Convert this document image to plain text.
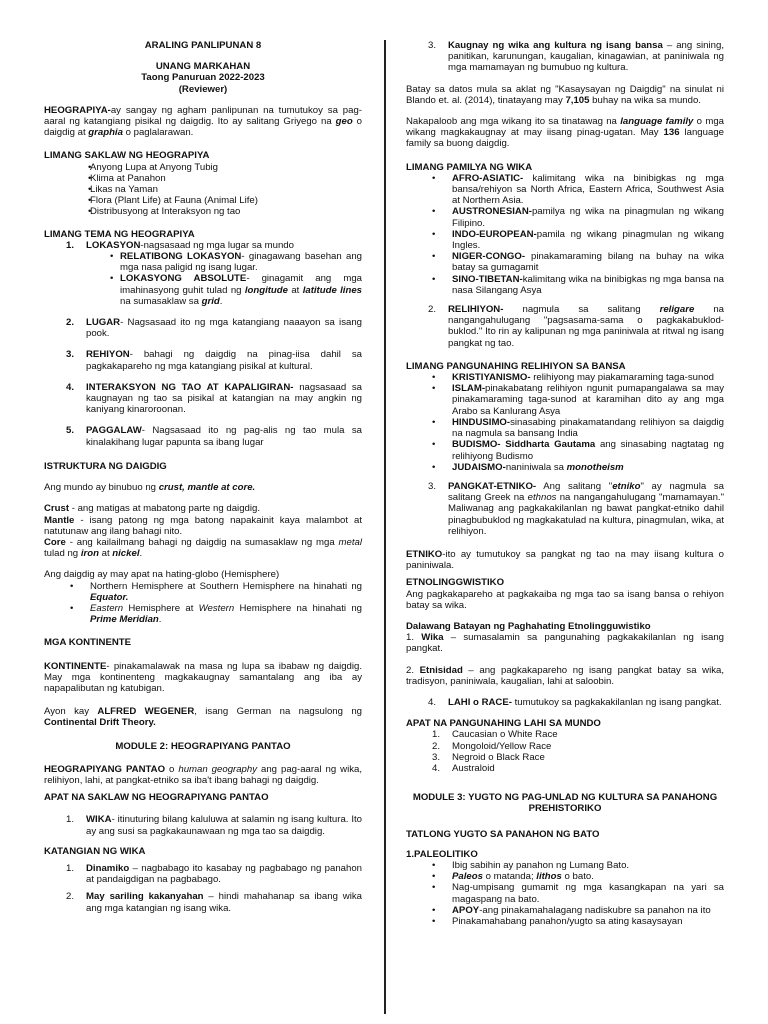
ARALING PANLIPUNAN 8

UNANG MARKAHAN

Taong Panuruan 2022-2023

(Reviewer)

HEOGRAPIYA-ay sangay ng agham panlipunan na tumutukoy sa pag-aaral ng katangiang pisikal ng daigdig. Ito ay salitang Griyego na geo o daigdig at graphia o paglalarawan.

LIMANG SAKLAW NG HEOGRAPIYA

• Anyong Lupa at Anyong Tubig
• Klima at Panahon
• Likas na Yaman
• Flora (Plant Life) at Fauna (Animal Life)
• Distribusyong at Interaksyon ng tao

LIMANG TEMA NG HEOGRAPIYA

1. LOKASYON-nagsasaad ng mga lugar sa mundo
• RELATIBONG LOKASYON- ginagawang basehan ang mga nasa paligid ng isang lugar.
• LOKASYONG ABSOLUTE- ginagamit ang mga imahinasyong guhit tulad ng longitude at latitude lines na sumasaklaw sa grid.
2. LUGAR- Nagsasaad ito ng mga katangiang naaayon sa isang pook.
3. REHIYON- bahagi ng daigdig na pinag-iisa dahil sa pagkakapareho ng mga katangiang pisikal at kultural.
4. INTERAKSYON NG TAO AT KAPALIGIRAN- nagsasaad sa kaugnayan ng tao sa pisikal at katangian na may angkin ng kaniyang kinaroroonan.
5. PAGGALAW- Nagsasaad ito ng pag-alis ng tao mula sa kinalakihang lugar papunta sa ibang lugar

ISTRUKTURA NG DAIGDIG

Ang mundo ay binubuo ng crust, mantle at core.

Crust - ang matigas at mabatong parte ng daigdig.

Mantle - isang patong ng mga batong napakainit kaya malambot at natutunaw ang ilang bahagi nito.

Core - ang kailailmang bahagi ng daigdig na sumasaklaw ng mga metal tulad ng iron at nickel.

Ang daigdig ay may apat na hating-globo (Hemisphere)

• Northern Hemisphere at Southern Hemisphere na hinahati ng Equator.
• Eastern Hemisphere at Western Hemisphere na hinahati ng Prime Meridian.

MGA KONTINENTE

KONTINENTE- pinakamalawak na masa ng lupa sa ibabaw ng daigdig. May mga kontinenteng magkakaugnay samantalang ang iba ay napapalibutan ng katubigan.

Ayon kay ALFRED WEGENER, isang German na nagsulong ng Continental Drift Theory.

MODULE 2: HEOGRAPIYANG PANTAO

HEOGRAPIYANG PANTAO o human geography ang pag-aaral ng wika, relihiyon, lahi, at pangkat-etniko sa iba't ibang bahagi ng daigdig.

APAT NA SAKLAW NG HEOGRAPIYANG PANTAO

1. WIKA- itinuturing bilang kaluluwa at salamin ng isang kultura. Ito ay ang susi sa pagkakaunawaan ng mga tao sa daigdig.

KATANGIAN NG WIKA

1. Dinamiko – nagbabago ito kasabay ng pagbabago ng panahon at pandaigdigan na pagbabago.
2. May sariling kakanyahan – hindi mahahanap sa ibang wika ang mga katangian ng isang wika.
3. Kaugnay ng wika ang kultura ng isang bansa – ang sining, panitikan, karunungan, kaugalian, kinagawian, at paniniwala ng mga mamamayan ng bumubuo ng kultura.

Batay sa datos mula sa aklat ng "Kasaysayan ng Daigdig" na sinulat ni Blando et. al. (2014), tinatayang may 7,105 buhay na wika sa mundo.

Nakapaloob ang mga wikang ito sa tinatawag na language family o mga wikang magkakaugnay at may iisang pinag-ugatan. May 136 language family sa buong daigdig.

LIMANG PAMILYA NG WIKA

• AFRO-ASIATIC- kalimitang wika na binibigkas ng mga bansa/rehiyon sa North Africa, Eastern Africa, Southwest Asia at Northern Asia.
• AUSTRONESIAN-pamilya ng wika na pinagmulan ng wikang Filipino.
• INDO-EUROPEAN-pamila ng wikang pinagmulan ng wikang Ingles.
• NIGER-CONGO- pinakamaraming bilang na buhay na wika batay sa gumagamit
• SINO-TIBETAN-kalimitang wika na binibigkas ng mga bansa na nasa Silangang Asya
2. RELIHIYON- nagmula sa salitang religare na nangangahulugang "pagsasama-sama o pagkakabuklod-buklod." Ito rin ay kalipunan ng mga paniniwala at ritwal ng isang pangkat ng tao.

LIMANG PANGUNAHING RELIHIYON SA BANSA

• KRISTIYANISMO- relihiyong may piakamaraming taga-sunod
• ISLAM-pinakabatang relihiyon ngunit pumapangalawa sa may pinakamaraming taga-sunod at karamihan dito ay ang mga Arabo sa Kanlurang Asya
• HINDUSIMO-sinasabing pinakamatandang relihiyon sa daigdig na nagmula sa bansang India
• BUDISMO- Siddharta Gautama ang sinasabing nagtatag ng relihiyong Budismo
• JUDAISMO-naniniwala sa monotheism
3. PANGKAT-ETNIKO- Ang salitang "etniko" ay nagmula sa salitang Greek na ethnos na nangangahulugang "mamamayan." Maliwanag ang pagkakakilanlan ng bawat pangkat-etniko dahil pinagbubuklod ng magkakatulad na kultura, pinagmulan, wika, at relihiyon.

ETNIKO-ito ay tumutukoy sa pangkat ng tao na may iisang kultura o paniniwala.

ETNOLINGGWISTIKO

Ang pagkakapareho at pagkakaiba ng mga tao sa isang bansa o rehiyon batay sa wika.

Dalawang Batayan ng Paghahating Etnolingguwistiko

1. Wika – sumasalamin sa pangunahing pagkakakilanlan ng isang pangkat.

2. Etnisidad – ang pagkakapareho ng isang pangkat batay sa wika, tradisyon, paniniwala, kaugalian, lahi at saloobin.

4. LAHI o RACE- tumutukoy sa pagkakakilanlan ng isang pangkat.

APAT NA PANGUNAHING LAHI SA MUNDO

1. Caucasian o White Race
2. Mongoloid/Yellow Race
3. Negroid o Black Race
4. Australoid

MODULE 3: YUGTO NG PAG-UNLAD NG KULTURA SA PANAHONG

PREHISTORIKO

TATLONG YUGTO SA PANAHON NG BATO

1.PALEOLITIKO

• Ibig sabihin ay panahon ng Lumang Bato.
• Paleos o matanda; lithos o bato.
• Nag-umpisang gumamit ng mga kasangkapan na yari sa magaspang na bato.
• APOY-ang pinakamahalagang nadiskubre sa panahon na ito
• Pinakamahabang panahon/yugto sa ating kasaysayan
